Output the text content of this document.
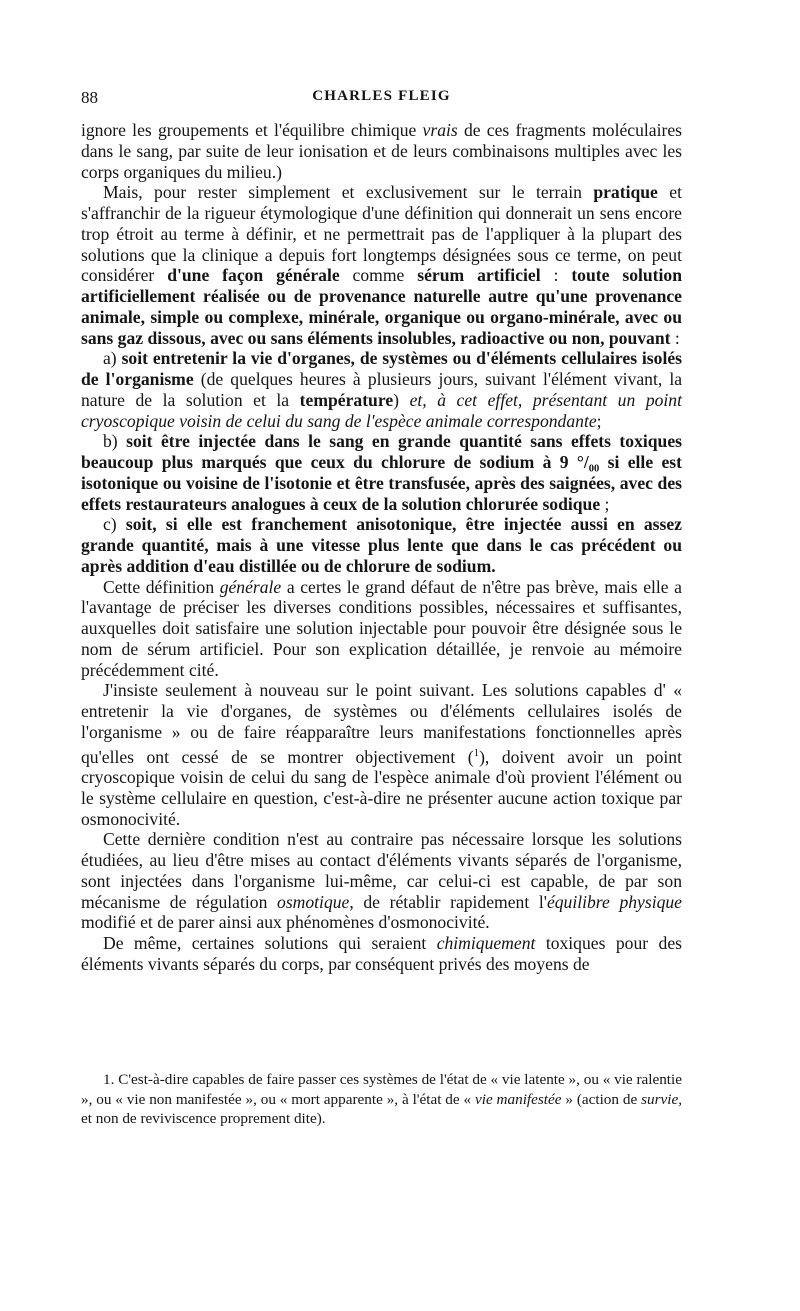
88	CHARLES FLEIG

ignore les groupements et l'équilibre chimique vrais de ces fragments moléculaires dans le sang, par suite de leur ionisation et de leurs combinaisons multiples avec les corps organiques du milieu.)

Mais, pour rester simplement et exclusivement sur le terrain pratique et s'affranchir de la rigueur étymologique d'une définition qui donnerait un sens encore trop étroit au terme à définir, et ne permettrait pas de l'appliquer à la plupart des solutions que la clinique a depuis fort longtemps désignées sous ce terme, on peut considérer d'une façon générale comme sérum artificiel : toute solution artificiellement réalisée ou de provenance naturelle autre qu'une provenance animale, simple ou complexe, minérale, organique ou organo-minérale, avec ou sans gaz dissous, avec ou sans éléments insolubles, radioactive ou non, pouvant :

a) soit entretenir la vie d'organes, de systèmes ou d'éléments cellulaires isolés de l'organisme (de quelques heures à plusieurs jours, suivant l'élément vivant, la nature de la solution et la température) et, à cet effet, présentant un point cryoscopique voisin de celui du sang de l'espèce animale correspondante;

b) soit être injectée dans le sang en grande quantité sans effets toxiques beaucoup plus marqués que ceux du chlorure de sodium à 9 °/₀₀ si elle est isotonique ou voisine de l'isotonie et être transfusée, après des saignées, avec des effets restaurateurs analogues à ceux de la solution chlorurée sodique ;

c) soit, si elle est franchement anisotonique, être injectée aussi en assez grande quantité, mais à une vitesse plus lente que dans le cas précédent ou après addition d'eau distillée ou de chlorure de sodium.

Cette définition générale a certes le grand défaut de n'être pas brève, mais elle a l'avantage de préciser les diverses conditions possibles, nécessaires et suffisantes, auxquelles doit satisfaire une solution injectable pour pouvoir être désignée sous le nom de sérum artificiel. Pour son explication détaillée, je renvoie au mémoire précédemment cité.

J'insiste seulement à nouveau sur le point suivant. Les solutions capables d' « entretenir la vie d'organes, de systèmes ou d'éléments cellulaires isolés de l'organisme » ou de faire réapparaître leurs manifestations fonctionnelles après qu'elles ont cessé de se montrer objectivement ($^1$), doivent avoir un point cryoscopique voisin de celui du sang de l'espèce animale d'où provient l'élément ou le système cellulaire en question, c'est-à-dire ne présenter aucune action toxique par osmonocivité.

Cette dernière condition n'est au contraire pas nécessaire lorsque les solutions étudiées, au lieu d'être mises au contact d'éléments vivants séparés de l'organisme, sont injectées dans l'organisme lui-même, car celui-ci est capable, de par son mécanisme de régulation osmotique, de rétablir rapidement l'équilibre physique modifié et de parer ainsi aux phénomènes d'osmonocivité.

De même, certaines solutions qui seraient chimiquement toxiques pour des éléments vivants séparés du corps, par conséquent privés des moyens de

1. C'est-à-dire capables de faire passer ces systèmes de l'état de « vie latente », ou « vie ralentie », ou « vie non manifestée », ou « mort apparente », à l'état de « vie manifestée » (action de survie, et non de reviviscence proprement dite).
